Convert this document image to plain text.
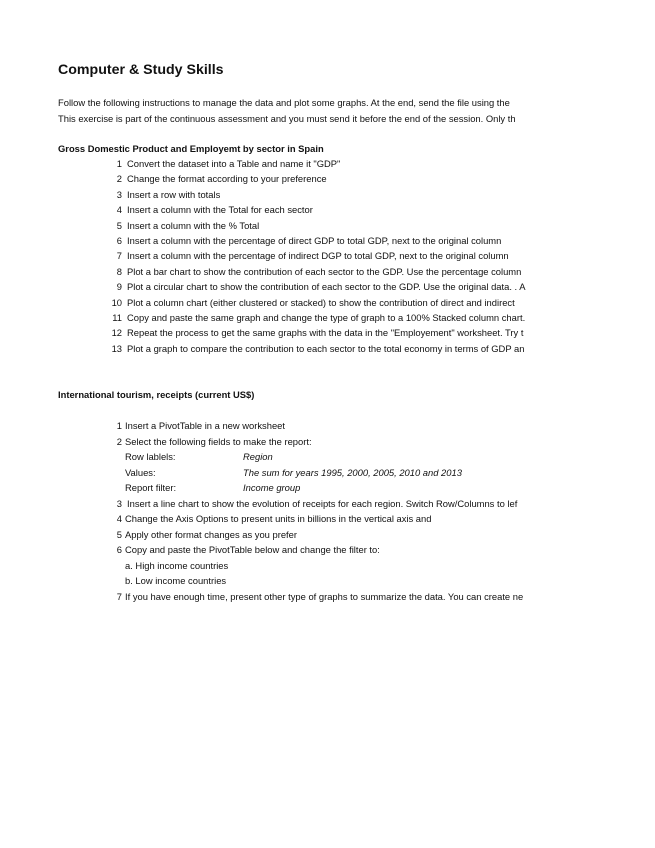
Computer & Study Skills
Follow the following instructions to manage the data and plot some graphs. At the end, send the file using the
This exercise is part of the continuous assessment and you must send it before the end of the session. Only th
Gross Domestic Product and Employemt by sector in Spain
1 Convert the dataset into a Table and name it "GDP"
2 Change the format according to your preference
3 Insert a row with totals
4 Insert a column with the Total for each sector
5 Insert a column with the % Total
6 Insert a column with the percentage of direct GDP to total GDP, next to the original column
7 Insert a column with the percentage of indirect DGP to total GDP, next to the original column
8 Plot a bar chart to show the contribution of each sector to the GDP. Use the percentage column
9 Plot a circular chart to show the contribution of each sector to the GDP. Use the original data. . A
10 Plot a column chart (either clustered or stacked) to show the contribution of direct and indirect
11 Copy and paste the same graph and change the type of graph to a 100% Stacked column chart.
12 Repeat the process to get the same graphs with the data in the "Employement" worksheet. Try t
13 Plot a graph to compare the contribution to each sector to the total economy in terms of GDP an
International tourism, receipts (current US$)
1 Insert a PivotTable in a new worksheet
2 Select the following fields to make the report:
Row lablels:	Region
Values:	The sum for years 1995, 2000, 2005, 2010 and 2013
Report filter:	Income group
3 Insert a line chart to show the evolution of receipts for each region. Switch Row/Columns to lef
4 Change the Axis Options to present units in billions in the vertical axis and
5 Apply other format changes as you prefer
6 Copy and paste the PivotTable below and change the filter to:
a. High income countries
b. Low income countries
7 If you have enough time, present other type of graphs to summarize the data. You can create ne
